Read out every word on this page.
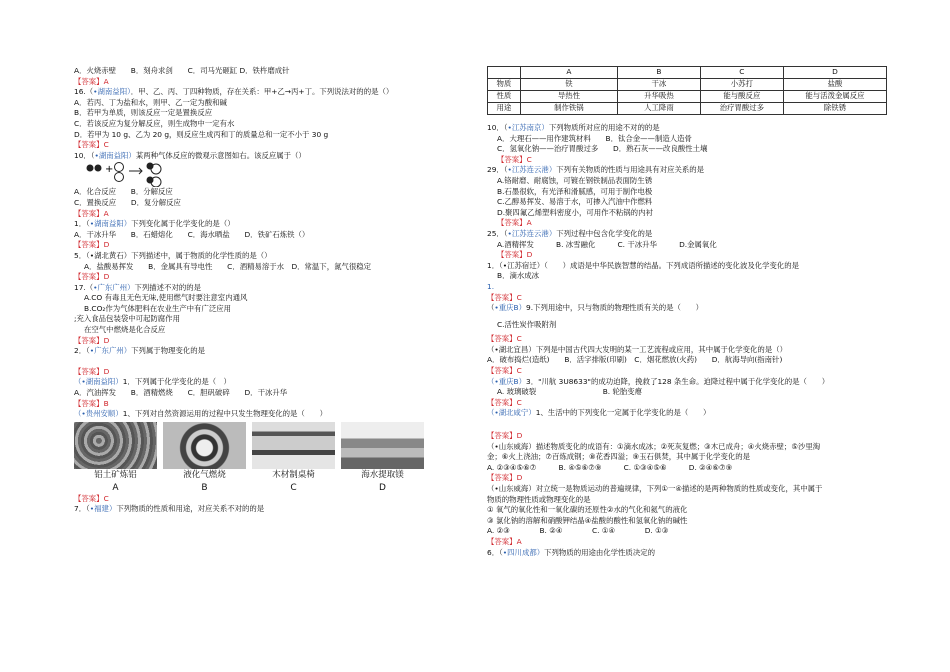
A．火烧赤壁　　B．刻舟求剑　　C．司马光砸缸 D．铁杵磨成针
【答案】A
16.（•湖南益阳）．甲、乙、丙、丁四种物质，存在关系：甲+乙→丙+丁。下列说法对的的是（）
A．若丙、丁为盐和水，则甲、乙一定为酸和碱
B．若甲为单质，则该反应一定是置换反应
C．若该反应为复分解反应，则生成物中一定有水
D．若甲为 10 g、乙为 20 g，则反应生成丙和丁的质量总和一定不小于 30 g
【答案】C
10．（•湖南益阳）某两种气体反应的微观示意图如右。该反应属于（）
+
A．化合反应　　B．分解反应
C．置换反应　　D．复分解反应
【答案】A
1．（•湖南益阳）下列变化属于化学变化的是（）
A．干冰升华　　B．石蜡熔化　　C．海水晒盐　　D．铁矿石炼铁（）
【答案】D
5．（•湖北黄石）下列描述中，属于物质的化学性质的是（）
A．盐酸易挥发　　B．金属具有导电性　　C．酒精易溶于水　D．常温下，氮气很稳定
【答案】D
17.（•广东广州）下列描述不对的的是
A.CO 有毒且无色无味,使用燃气时要注意室内通风
B.CO₂作为气体肥料在农业生产中有广泛应用
;充入食品包装袋中可起防腐作用
在空气中燃烧是化合反应
【答案】D
2．（•广东广州）下列属于物理变化的是
【答案】D
（•湖南益阳）1．下列属于化学变化的是（　）
A．汽油挥发　　B．酒精燃烧　　C．胆矾破碎　　D．干冰升华
【答案】B
（•贵州安顺）1、下列对自然资源运用的过程中只发生物理变化的是（　　）
铝土矿炼铝
A
液化气燃烧
B
木材制桌椅
C
海水提取镁
D
【答案】C
7．（•福建）下列物质的性质和用途，对应关系不对的的是
	A	B	C	D
物质	铁	干冰	小苏打	盐酸
性质	导热性	升华吸热	能与酸反应	能与活泼金属反应
用途	制作铁锅	人工降雨	治疗胃酸过多	除铁锈
10．（•江苏南京）下列物质所对应的用途不对的的是
A．大理石——用作建筑材料　　B．钛合金——制造人造骨
C．氢氧化钠——治疗胃酸过多　　D．熟石灰——改良酸性土壤
【答案】C
29．（•江苏连云港）下列有关物质的性质与用途具有对应关系的是
A.铬耐磨、耐腐蚀，可镀在钢铁制品表面防生锈
B.石墨很软，有光泽和滑腻感，可用于制作电极
C.乙醇易挥发、易溶于水，可掺入汽油中作燃料
D.聚四氟乙烯塑料密度小，可用作不粘锅的内衬
【答案】A
25．（•江苏连云港）下列过程中包含化学变化的是
A.酒精挥发　　　B. 冰雪融化　　　C. 干冰升华　　　D.金属氧化
【答案】D
1．（•江苏宿迁）（　　）成语是中华民族智慧的结晶。下列成语所描述的变化波及化学变化的是
B．滴水成冰
1.
【答案】C
（•重庆B）9.下列用途中，只与物质的物理性质有关的是（　　）
C.活性炭作吸附剂
【答案】C
（•湖北宜昌）下列是中国古代四大发明的某一工艺流程或应用，其中属于化学变化的是（）
A．破布捣烂(造纸)　　B．活字排版(印刷)　C．烟花燃放(火药)　　D．航海导向(指南针)
【答案】C
（•重庆B）3．"川航 3U8633"的成功迫降，挽救了128 条生命。迫降过程中属于化学变化的是（　　）
A. 玻璃破裂　　　　　　　　　B. 轮胎变瘪
【答案】C
（•湖北咸宁）1、生活中的下列变化一定属于化学变化的是（　　）
【答案】D
（•山东威海）描述物质变化的成语有：①滴水成冰；②死灰复燃；③木已成舟；④火烧赤壁；⑤沙里淘
金；⑥火上浇油；⑦百炼成钢；⑧花香四溢；⑨玉石俱焚，其中属于化学变化的是
A. ②③④⑤⑥⑦　　　B. ④⑤⑥⑦⑨　　　C. ①③④⑤⑥　　　D. ②④⑥⑦⑨
【答案】D
（•山东威海）对立统一是物质运动的普遍规律，下列①一④描述的是两种物质的性质或变化，其中属于
物质的物理性质或物理变化的是
① 氧气的氧化性和一氧化碳的还原性②水的气化和氦气的液化
③ 氯化钠的溶解和硝酸钾结晶④盐酸的酸性和氢氧化钠的碱性
A. ②③　　　　B. ②④　　　　C. ①④　　　　D. ①③
【答案】A
6．（•四川成都）下列物质的用途由化学性质决定的
